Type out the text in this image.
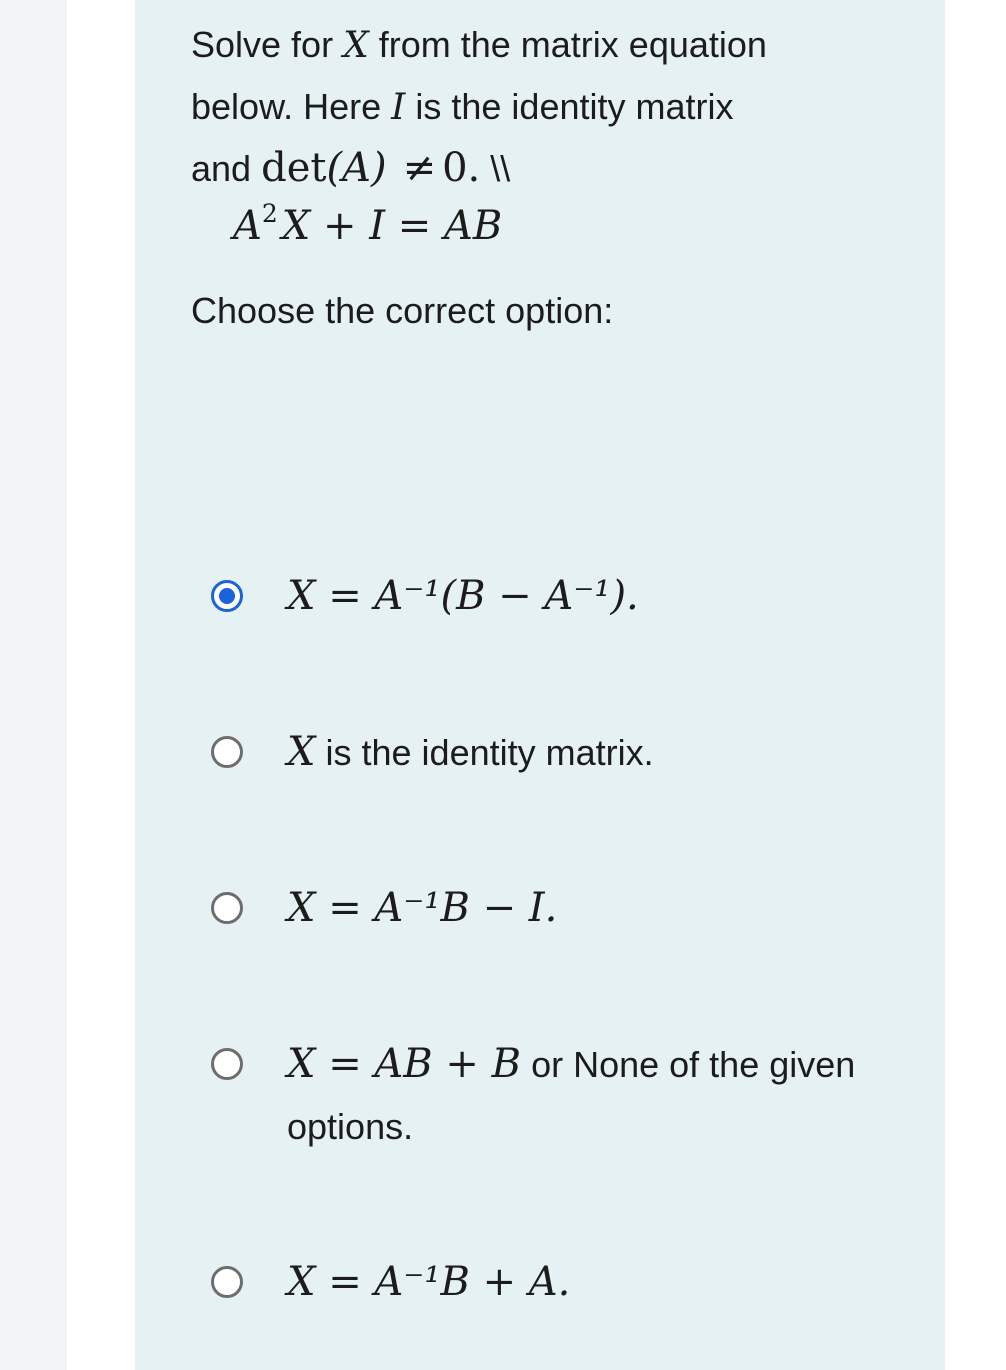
Solve for X from the matrix equation
below. Here I is the identity matrix
and det(A) ≠ 0. \\
$A^2$ X + I = AB
Choose the correct option:
X = A⁻¹(B − A⁻¹).
X is the identity matrix.
X = A⁻¹B − I.
X = AB + B or None of the given options.
X = A⁻¹B + A.
